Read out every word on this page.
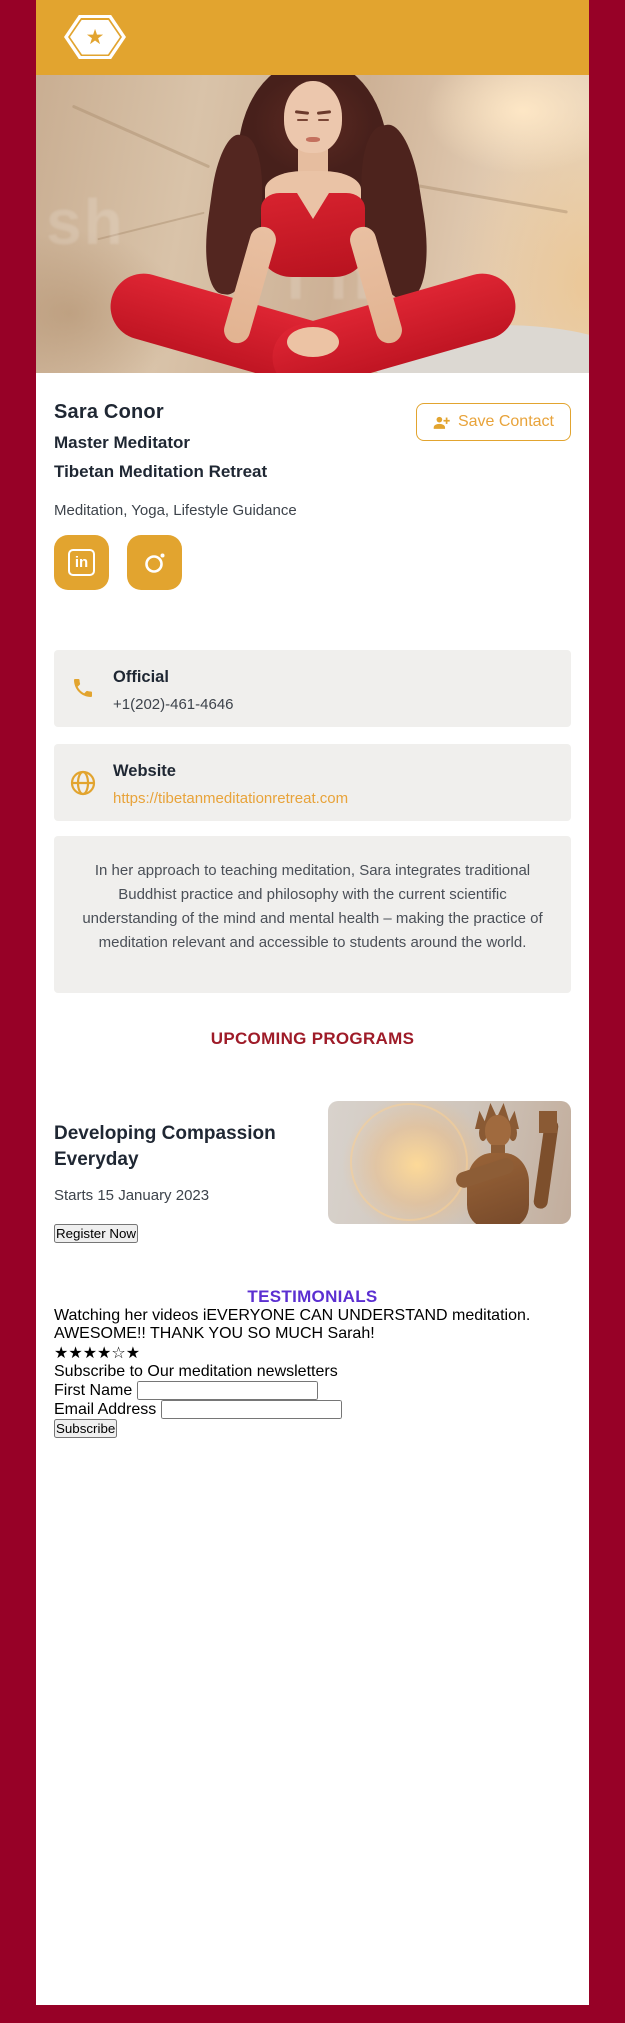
★
sh
n
Sara Conor
Master Meditator
Tibetan Meditation Retreat
Save Contact
Meditation, Yoga, Lifestyle Guidance
in
Official
+1(202)-461-4646
Website
https://tibetanmeditationretreat.com
In her approach to teaching meditation, Sara integrates traditional Buddhist practice and philosophy with the current scientific understanding of the mind and mental health – making the practice of meditation relevant and accessible to students around the world.
UPCOMING PROGRAMS
Developing Compassion Everyday
Starts 15 January 2023
Register Now
TESTIMONIALS
Watching her videos iEVERYONE CAN UNDERSTAND meditation. AWESOME!! THANK YOU SO MUCH Sarah!
★★★★☆★
Subscribe to Our meditation newsletters
First Name
Email Address
Subscribe
